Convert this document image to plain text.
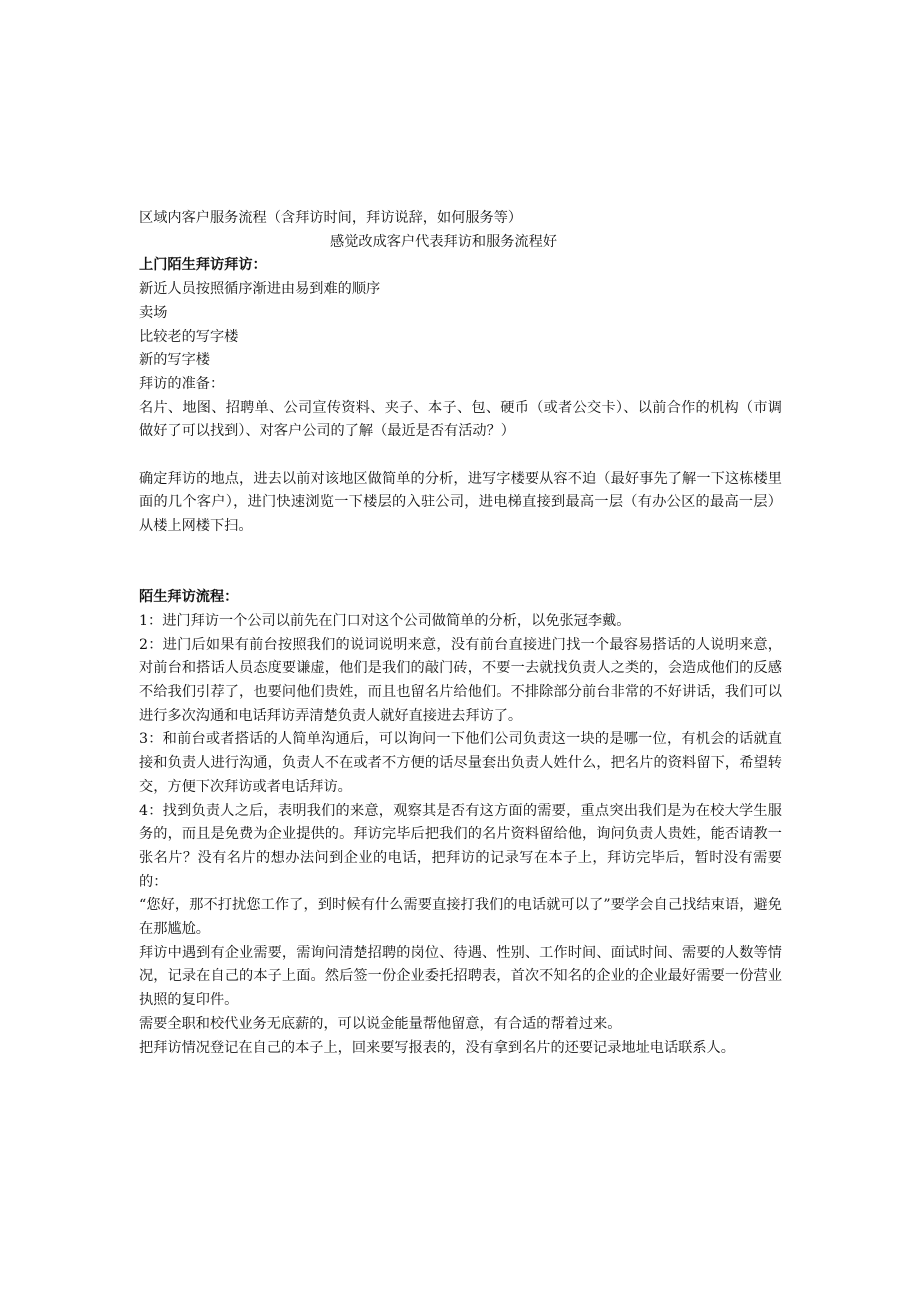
区域内客户服务流程（含拜访时间，拜访说辞，如何服务等）

感觉改成客户代表拜访和服务流程好

上门陌生拜访拜访：

新近人员按照循序渐进由易到难的顺序

卖场

比较老的写字楼

新的写字楼

拜访的准备：

名片、地图、招聘单、公司宣传资料、夹子、本子、包、硬币（或者公交卡）、以前合作的机构（市调做好了可以找到）、对客户公司的了解（最近是否有活动？）

确定拜访的地点，进去以前对该地区做简单的分析，进写字楼要从容不迫（最好事先了解一下这栋楼里面的几个客户），进门快速浏览一下楼层的入驻公司，进电梯直接到最高一层（有办公区的最高一层）从楼上网楼下扫。

陌生拜访流程：

1：进门拜访一个公司以前先在门口对这个公司做简单的分析，以免张冠李戴。

2：进门后如果有前台按照我们的说词说明来意，没有前台直接进门找一个最容易搭话的人说明来意，对前台和搭话人员态度要谦虚，他们是我们的敲门砖，不要一去就找负责人之类的，会造成他们的反感不给我们引荐了，也要问他们贵姓，而且也留名片给他们。不排除部分前台非常的不好讲话，我们可以进行多次沟通和电话拜访弄清楚负责人就好直接进去拜访了。

3：和前台或者搭话的人简单沟通后，可以询问一下他们公司负责这一块的是哪一位，有机会的话就直接和负责人进行沟通，负责人不在或者不方便的话尽量套出负责人姓什么，把名片的资料留下，希望转交，方便下次拜访或者电话拜访。

4：找到负责人之后，表明我们的来意，观察其是否有这方面的需要，重点突出我们是为在校大学生服务的，而且是免费为企业提供的。拜访完毕后把我们的名片资料留给他，询问负责人贵姓，能否请教一张名片？没有名片的想办法问到企业的电话，把拜访的记录写在本子上，拜访完毕后，暂时没有需要的：

“您好，那不打扰您工作了，到时候有什么需要直接打我们的电话就可以了”要学会自己找结束语，避免在那尴尬。

拜访中遇到有企业需要，需询问清楚招聘的岗位、待遇、性别、工作时间、面试时间、需要的人数等情况，记录在自己的本子上面。然后签一份企业委托招聘表，首次不知名的企业的企业最好需要一份营业执照的复印件。

需要全职和校代业务无底薪的，可以说金能量帮他留意，有合适的帮着过来。

把拜访情况登记在自己的本子上，回来要写报表的，没有拿到名片的还要记录地址电话联系人。
